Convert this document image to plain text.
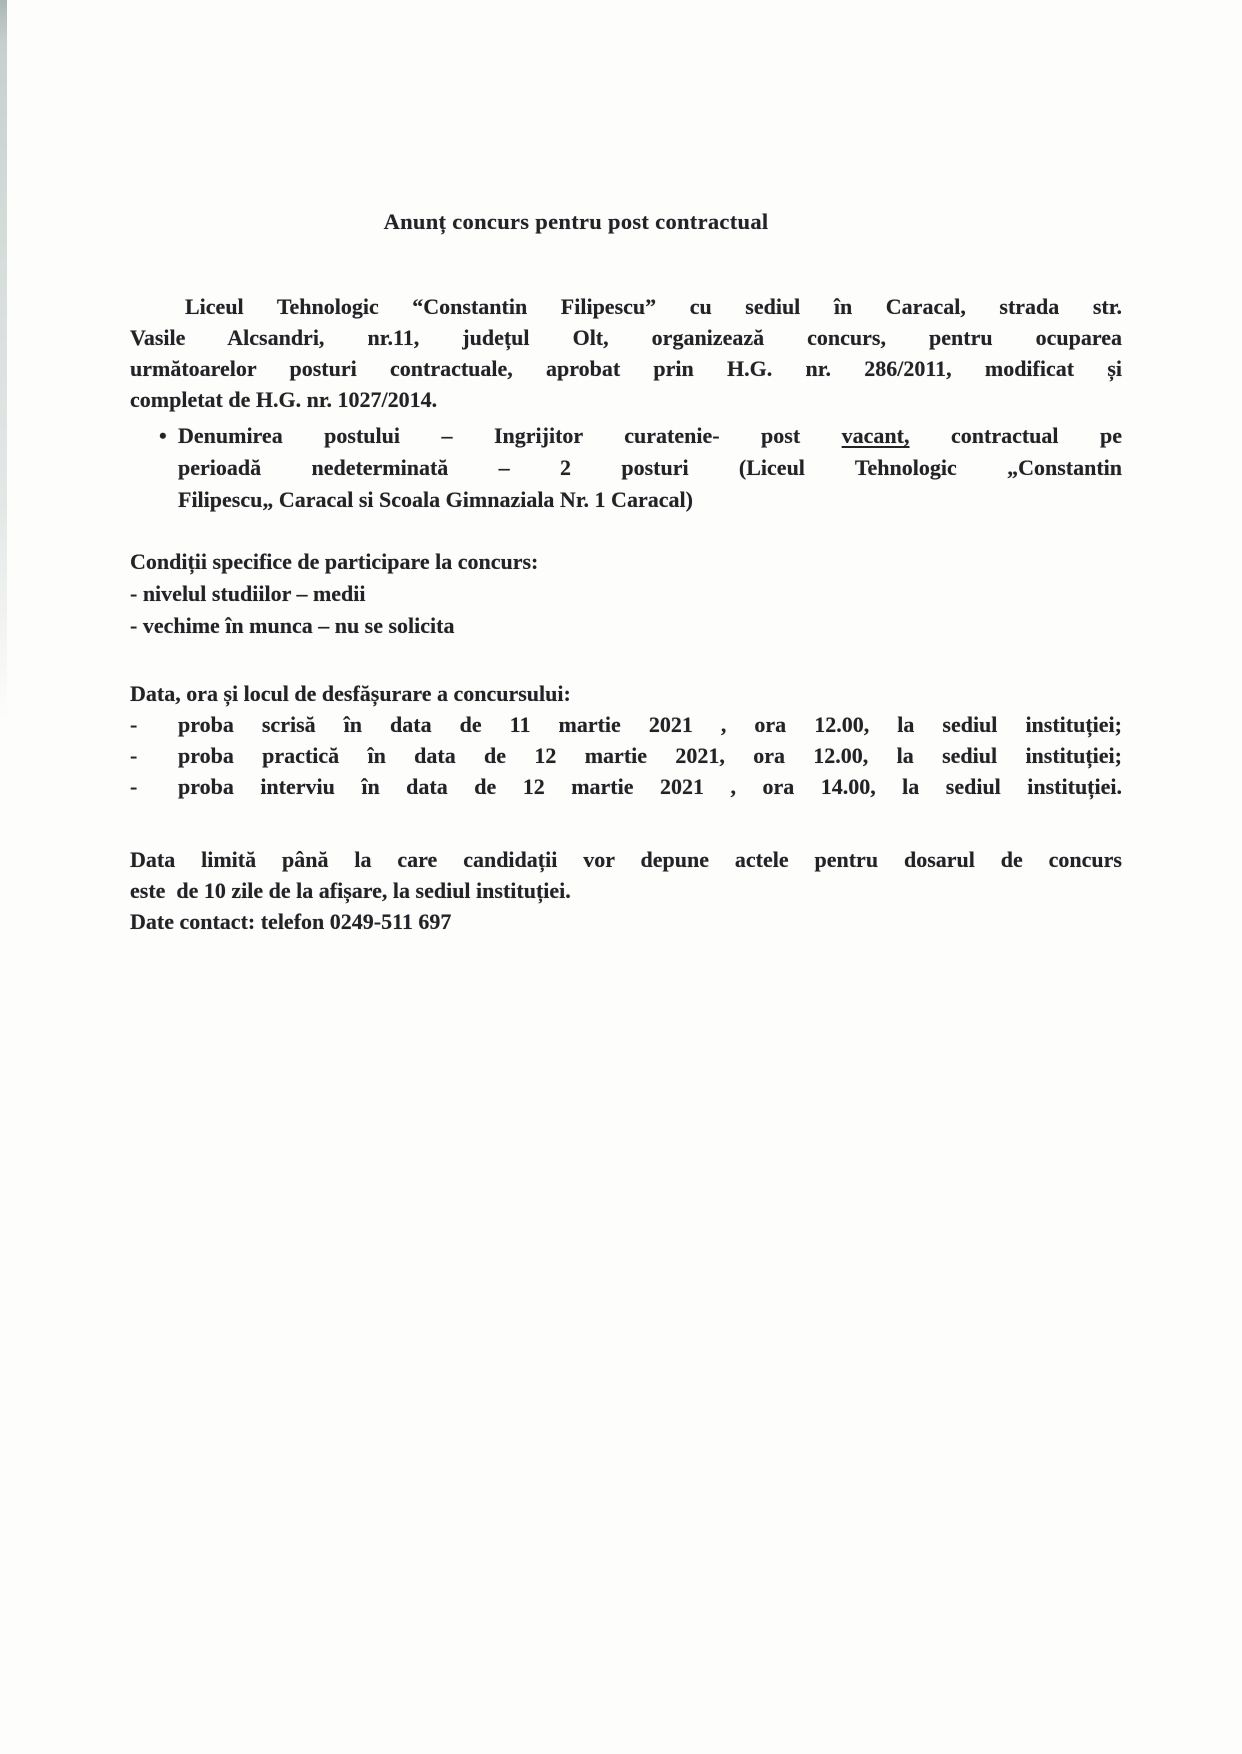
Anunț concurs pentru post contractual

Liceul Tehnologic “Constantin Filipescu” cu sediul în Caracal, strada str.
Vasile Alcsandri, nr.11, județul Olt, organizează concurs, pentru ocuparea
următoarelor posturi contractuale, aprobat prin H.G. nr. 286/2011, modificat și
completat de H.G. nr. 1027/2014.

• Denumirea postului – Ingrijitor curatenie- post vacant, contractual pe
perioadă nedeterminată – 2 posturi (Liceul Tehnologic „Constantin
Filipescu„ Caracal si Scoala Gimnaziala Nr. 1 Caracal)
Condiții specifice de participare la concurs:
- nivelul studiilor – medii
- vechime în munca – nu se solicita
Data, ora și locul de desfășurare a concursului:
-	proba scrisă în data de 11 martie 2021 , ora 12.00, la sediul instituției;
-	proba practică în data de 12 martie 2021, ora 12.00, la sediul instituției;
-	proba interviu în data de 12 martie 2021 , ora 14.00, la sediul instituției.
Data limită până la care candidații vor depune actele pentru dosarul de concurs
este  de 10 zile de la afișare, la sediul instituției.
Date contact: telefon 0249-511 697
